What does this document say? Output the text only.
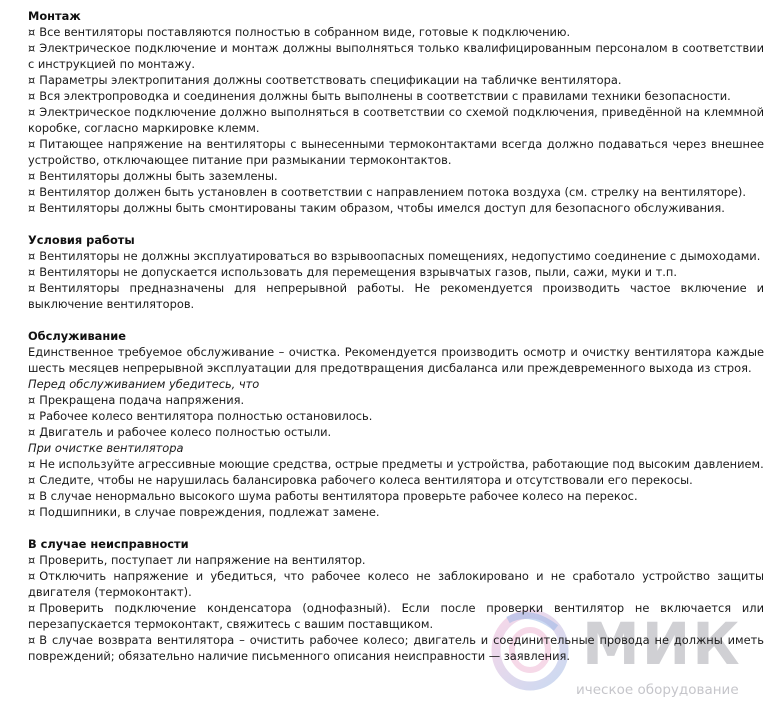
Монтаж

¤ Все вентиляторы поставляются полностью в собранном виде, готовые к подключению.

¤ Электрическое подключение и монтаж должны выполняться только квалифицированным персоналом в соответствии с инструкцией по монтажу.

¤ Параметры электропитания должны соответствовать спецификации на табличке вентилятора.

¤ Вся электропроводка и соединения должны быть выполнены в соответствии с правилами техники безопасности.

¤ Электрическое подключение должно выполняться в соответствии со схемой подключения, приведённой на клеммной коробке, согласно маркировке клемм.

¤ Питающее напряжение на вентиляторы с вынесенными термоконтактами всегда должно подаваться через внешнее устройство, отключающее питание при размыкании термоконтактов.

¤ Вентиляторы должны быть заземлены.

¤ Вентилятор должен быть установлен в соответствии с направлением потока воздуха (см. стрелку на вентиляторе).

¤ Вентиляторы должны быть смонтированы таким образом, чтобы имелся доступ для безопасного обслуживания.

Условия работы

¤ Вентиляторы не должны эксплуатироваться во взрывоопасных помещениях, недопустимо соединение с дымоходами.

¤ Вентиляторы не допускается использовать для перемещения взрывчатых газов, пыли, сажи, муки и т.п.

¤ Вентиляторы предназначены для непрерывной работы. Не рекомендуется производить частое включение и выключение вентиляторов.

Обслуживание

Единственное требуемое обслуживание – очистка. Рекомендуется производить осмотр и очистку вентилятора каждые шесть месяцев непрерывной эксплуатации для предотвращения дисбаланса или преждевременного выхода из строя.

Перед обслуживанием убедитесь, что

¤ Прекращена подача напряжения.

¤ Рабочее колесо вентилятора полностью остановилось.

¤ Двигатель и рабочее колесо полностью остыли.

При очистке вентилятора

¤ Не используйте агрессивные моющие средства, острые предметы и устройства, работающие под высоким давлением.

¤ Следите, чтобы не нарушилась балансировка рабочего колеса вентилятора и отсутствовали его перекосы.

¤ В случае ненормально высокого шума работы вентилятора проверьте рабочее колесо на перекос.

¤ Подшипники, в случае повреждения, подлежат замене.

В случае неисправности

¤ Проверить, поступает ли напряжение на вентилятор.

¤ Отключить напряжение и убедиться, что рабочее колесо не заблокировано и не сработало устройство защиты двигателя (термоконтакт).

¤ Проверить подключение конденсатора (однофазный). Если после проверки вентилятор не включается или перезапускается термоконтакт, свяжитесь с вашим поставщиком.

¤ В случае возврата вентилятора – очистить рабочее колесо; двигатель и соединительные провода не должны иметь повреждений; обязательно наличие письменного описания неисправности — заявления. МИК
ическое оборудование
